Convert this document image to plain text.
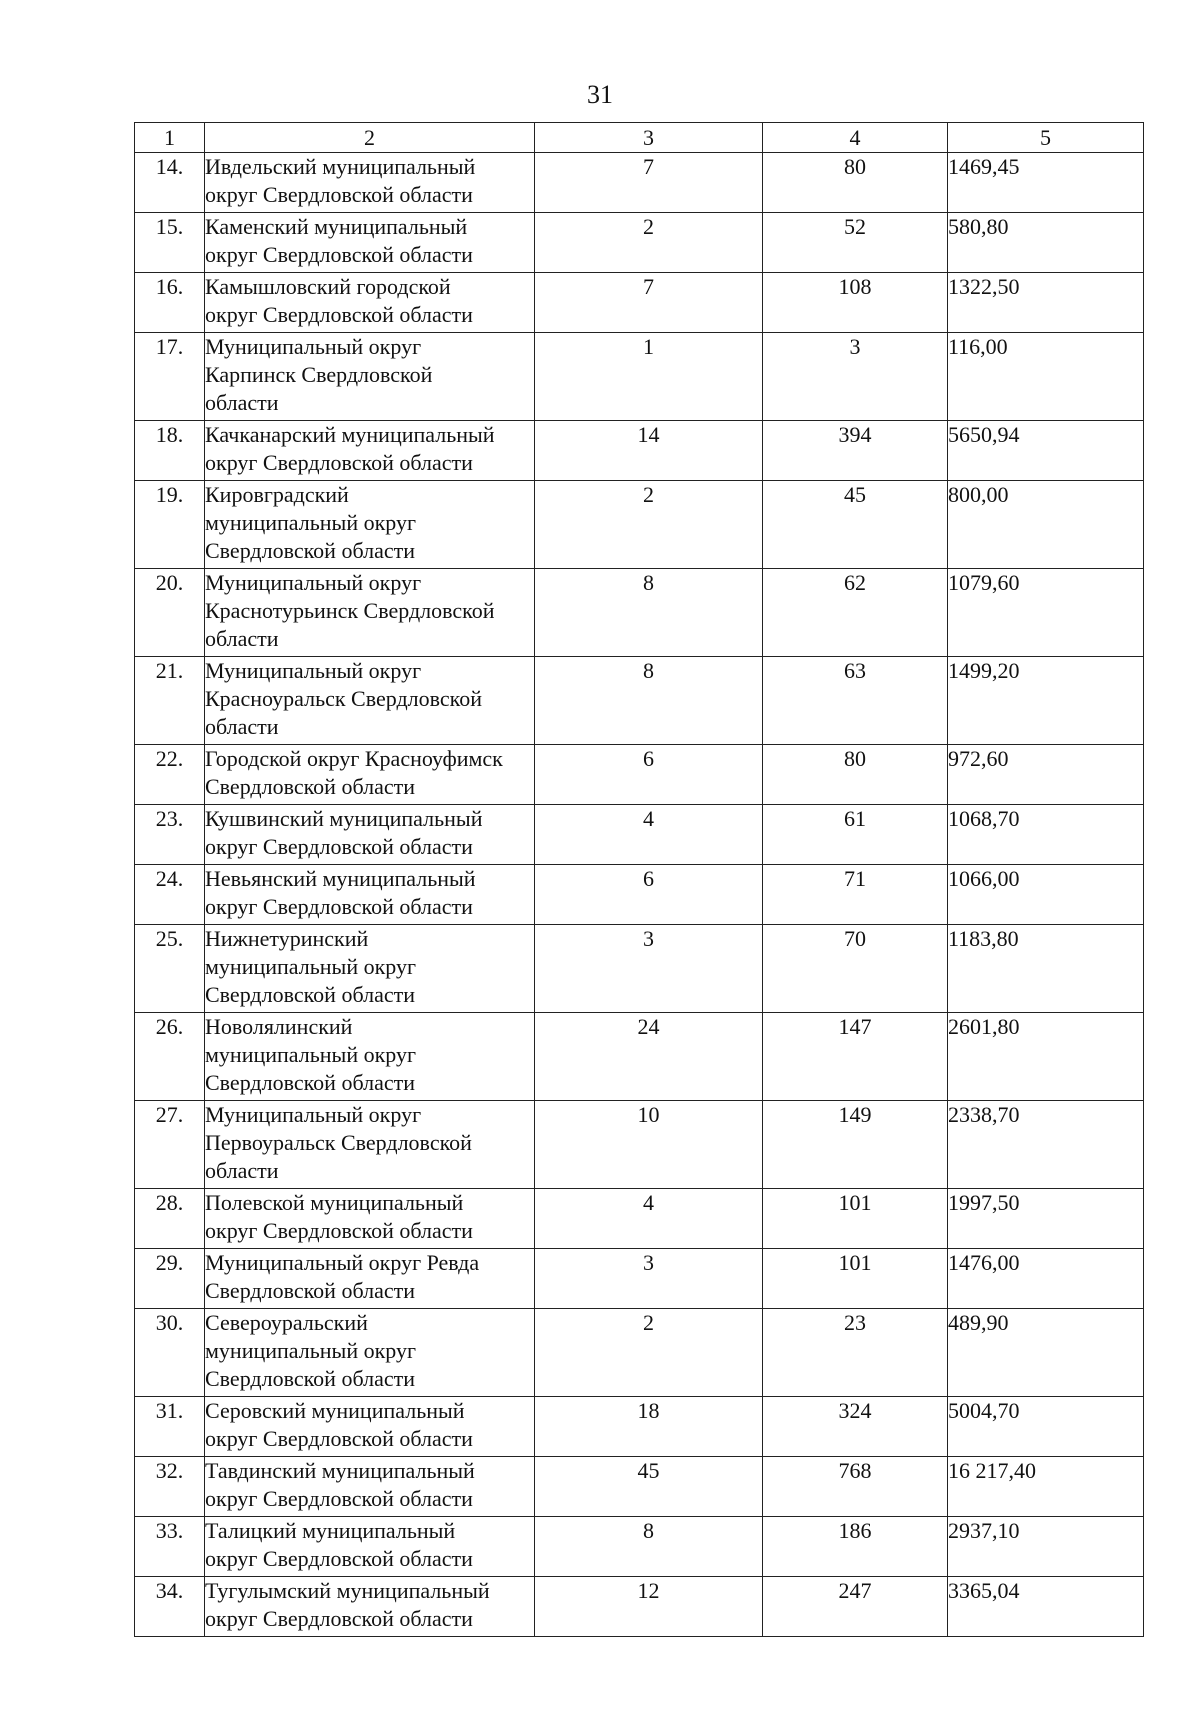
31
1	2	3	4	5
14.	Ивдельский муниципальный
округ Свердловской области	7	80	1469,45
15.	Каменский муниципальный
округ Свердловской области	2	52	580,80
16.	Камышловский городской
округ Свердловской области	7	108	1322,50
17.	Муниципальный округ
Карпинск Свердловской
области	1	3	116,00
18.	Качканарский муниципальный
округ Свердловской области	14	394	5650,94
19.	Кировградский
муниципальный округ
Свердловской области	2	45	800,00
20.	Муниципальный округ
Краснотурьинск Свердловской
области	8	62	1079,60
21.	Муниципальный округ
Красноуральск Свердловской
области	8	63	1499,20
22.	Городской округ Красноуфимск
Свердловской области	6	80	972,60
23.	Кушвинский муниципальный
округ Свердловской области	4	61	1068,70
24.	Невьянский муниципальный
округ Свердловской области	6	71	1066,00
25.	Нижнетуринский
муниципальный округ
Свердловской области	3	70	1183,80
26.	Новолялинский
муниципальный округ
Свердловской области	24	147	2601,80
27.	Муниципальный округ
Первоуральск Свердловской
области	10	149	2338,70
28.	Полевской муниципальный
округ Свердловской области	4	101	1997,50
29.	Муниципальный округ Ревда
Свердловской области	3	101	1476,00
30.	Североуральский
муниципальный округ
Свердловской области	2	23	489,90
31.	Серовский муниципальный
округ Свердловской области	18	324	5004,70
32.	Тавдинский муниципальный
округ Свердловской области	45	768	16 217,40
33.	Талицкий муниципальный
округ Свердловской области	8	186	2937,10
34.	Тугулымский муниципальный
округ Свердловской области	12	247	3365,04
